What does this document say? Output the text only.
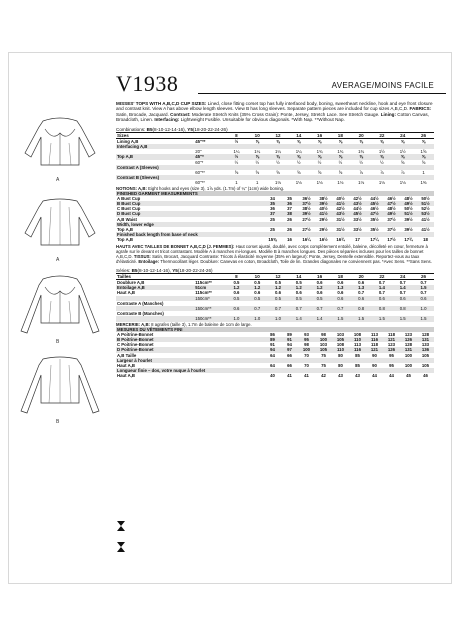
A
A
B
B
V1938	AVERAGE/MOINS FACILE
MISSES' TOPS WITH A,B,C,D CUP SIZES: Lined, close fitting corset top has fully interfaced body, boning, sweetheart neckline, hook and eye front closure and contrast knit. View A has above elbow length sleeves. View B has long sleeves. Separate pattern pieces are included for cup sizes A,B,C,D. FABRICS: Satin, Brocade, Jacquard. Contrast: Moderate Stretch Knits (35% Cross Grain): Ponte, Jersey, Stretch Lace. See Stretch Gauge. Lining: Cotton Canvas, Broadcloth, Linen. Interfacing: Lightweight Fusible. Unsuitable for obvious diagonals. *With Nap. **Without Nap.
Combinations: B5(8-10-12-14-16), Y5(18-20-22-24-26)
Sizes		8	10	12	14	16	18	20	22	24	26
Lining A,B	45"**	½	⅝	⅝	⅝	⅝	⅝	⅝	⅝	⅝	⅝
Interfacing A,B											
	20"	1¼	1¼	1¼	1¼	1¾	1¾	1¾	1½	1½	1⅝
Top A,B	45"*	½	⅝	⅝	⅝	⅝	⅝	⅝	⅝	⅝	⅝
	60"*	½	½	½	½	½	½	½	½	⅝	⅝
Contrast A (Sleeves)											
	60"**	⅝	⅝	⅝	⅝	⅝	⅝	⅞	⅞	⅞	1
Contrast B (Sleeves)											
	60"**	1	1	1⅛	1⅛	1⅛	1⅛	1⅛	1⅛	1⅛	1⅜
NOTIONS: A,B: Eight hooks and eyes (size 3), 1⅞ yds. (1.7m) of ¼" (1cm) wide boning.
FINISHED GARMENT MEASUREMENTS										
A Bust Cup	34	35	36½	38½	40½	42½	44½	46½	48½	50½
B Bust Cup	35	36	37½	39½	41½	43½	45½	47½	49½	51½
C Bust Cup	36	37	38½	40½	42½	44½	46½	48½	50½	52½
D Bust Cup	37	38	39½	41½	43½	45½	47½	49½	51½	53½
A,B Waist	25	26	27½	29½	31½	33½	35½	37½	39½	41½
Width, lower edge										
Top A,B	25	26	27½	29½	31½	33½	35½	37½	39½	41½
Finished back length from base of neck										
Top A,B	15⅝	16	16¼	16½	16¾	17	17¼	17½	17¾	18
HAUTS AVEC TAILLES DE BONNET A,B,C,D (J. FEMMES): Haut corset ajusté, doublé, avec corps complètement entoilé, baleine, décolleté en cœur, fermeture à agrafe sur le devant et tricot contrastant. Modèle A à manches mi-longues. Modèle B à manches longues. Des pièces séparées incluses pour les tailles de bonnet A,B,C,D. TISSUS: Satin, Brocart, Jacquard Contraste: Tricots à élasticité moyenne (35% en largeur): Ponte, Jersey, Dentelle extensible. Reportez-vous au taux d'élasticité. Entoilage: Thermocollant léger. Doublure: Canevas en coton, Broadcloth, Toile de lin. Grandes diagonales ne conviennent pas. *Avec Sens. **Sans Sens.
Séries: B5(8-10-12-14-16), Y5(18-20-22-24-26)
Tailles		8	10	12	14	16	18	20	22	24	26
Doublure A,B	115cm**	0.5	0.5	0.5	0.5	0.6	0.6	0.6	0.7	0.7	0.7
Entoilage A,B	51cm	1.2	1.2	1.2	1.2	1.2	1.3	1.3	1.4	1.4	1.5
Haut A,B	115cm**	0.6	0.6	0.6	0.6	0.6	0.6	0.7	0.7	0.7	0.7
	150cm*	0.5	0.5	0.5	0.5	0.5	0.6	0.6	0.6	0.6	0.6
Contraste A (Manches)											
	150cm**	0.6	0.7	0.7	0.7	0.7	0.7	0.8	0.8	0.8	1.0
Contraste B (Manches)											
	150cm**	1.0	1.0	1.0	1.4	1.4	1.5	1.5	1.5	1.5	1.5
MERCERIE: A,B: 8 agrafes (taille 3), 1.7m de baleine de 1cm de large.
MESURES DU VÊTEMENTS FINI										
A Poitrine-Bonnet	86	89	93	98	103	108	113	118	123	128
B Poitrine-Bonnet	89	91	95	100	105	110	116	121	126	131
C Poitrine-Bonnet	91	94	98	103	108	113	118	123	128	133
D Poitrine-Bonnet	94	97	100	105	110	116	121	126	131	136
A,B Taille	64	66	70	75	80	85	90	95	100	105
Largeur à l'ourlet										
Haut A,B	64	66	70	75	80	85	90	95	100	105
Longueur finie – dos, votre nuque à l'ourlet										
Haut A,B	40	41	41	42	43	43	44	44	45	46
